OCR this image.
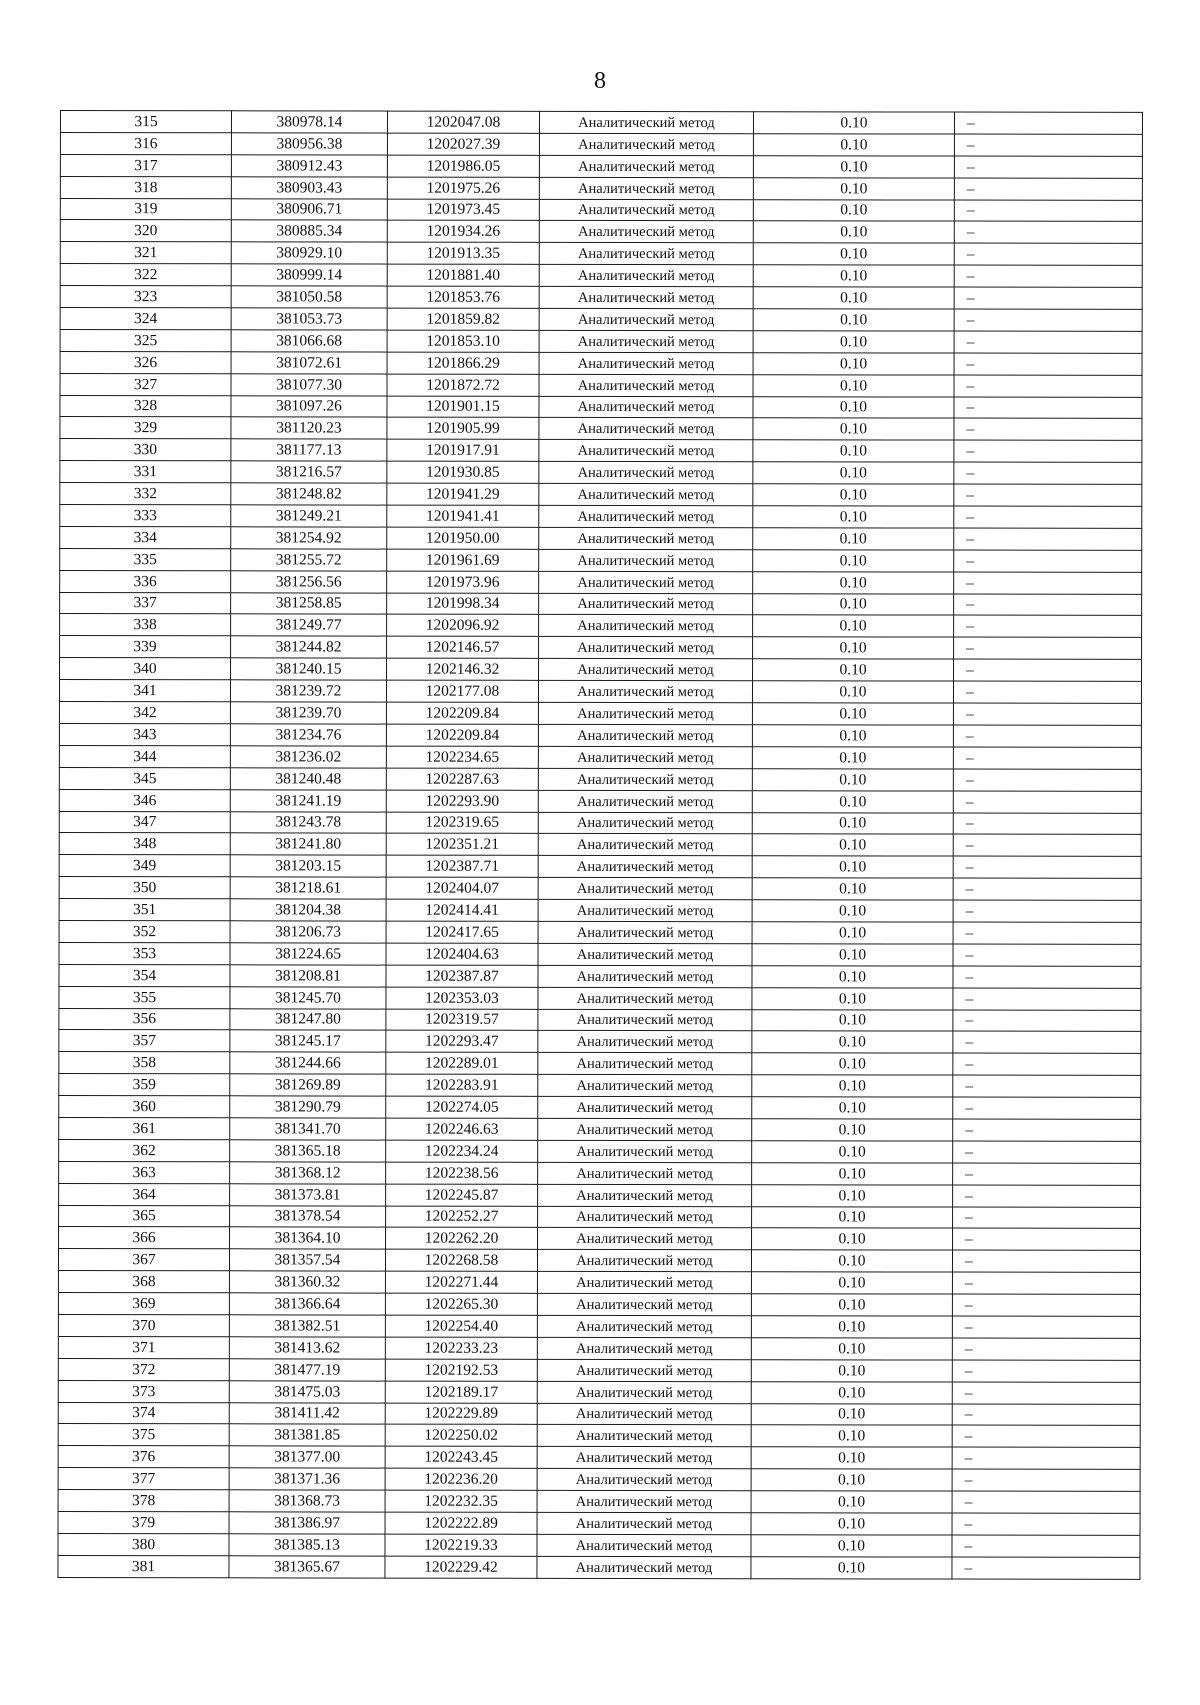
8
315	380978.14	1202047.08	Аналитический метод	0.10	–
316	380956.38	1202027.39	Аналитический метод	0.10	–
317	380912.43	1201986.05	Аналитический метод	0.10	–
318	380903.43	1201975.26	Аналитический метод	0.10	–
319	380906.71	1201973.45	Аналитический метод	0.10	–
320	380885.34	1201934.26	Аналитический метод	0.10	–
321	380929.10	1201913.35	Аналитический метод	0.10	–
322	380999.14	1201881.40	Аналитический метод	0.10	–
323	381050.58	1201853.76	Аналитический метод	0.10	–
324	381053.73	1201859.82	Аналитический метод	0.10	–
325	381066.68	1201853.10	Аналитический метод	0.10	–
326	381072.61	1201866.29	Аналитический метод	0.10	–
327	381077.30	1201872.72	Аналитический метод	0.10	–
328	381097.26	1201901.15	Аналитический метод	0.10	–
329	381120.23	1201905.99	Аналитический метод	0.10	–
330	381177.13	1201917.91	Аналитический метод	0.10	–
331	381216.57	1201930.85	Аналитический метод	0.10	–
332	381248.82	1201941.29	Аналитический метод	0.10	–
333	381249.21	1201941.41	Аналитический метод	0.10	–
334	381254.92	1201950.00	Аналитический метод	0.10	–
335	381255.72	1201961.69	Аналитический метод	0.10	–
336	381256.56	1201973.96	Аналитический метод	0.10	–
337	381258.85	1201998.34	Аналитический метод	0.10	–
338	381249.77	1202096.92	Аналитический метод	0.10	–
339	381244.82	1202146.57	Аналитический метод	0.10	–
340	381240.15	1202146.32	Аналитический метод	0.10	–
341	381239.72	1202177.08	Аналитический метод	0.10	–
342	381239.70	1202209.84	Аналитический метод	0.10	–
343	381234.76	1202209.84	Аналитический метод	0.10	–
344	381236.02	1202234.65	Аналитический метод	0.10	–
345	381240.48	1202287.63	Аналитический метод	0.10	–
346	381241.19	1202293.90	Аналитический метод	0.10	–
347	381243.78	1202319.65	Аналитический метод	0.10	–
348	381241.80	1202351.21	Аналитический метод	0.10	–
349	381203.15	1202387.71	Аналитический метод	0.10	–
350	381218.61	1202404.07	Аналитический метод	0.10	–
351	381204.38	1202414.41	Аналитический метод	0.10	–
352	381206.73	1202417.65	Аналитический метод	0.10	–
353	381224.65	1202404.63	Аналитический метод	0.10	–
354	381208.81	1202387.87	Аналитический метод	0.10	–
355	381245.70	1202353.03	Аналитический метод	0.10	–
356	381247.80	1202319.57	Аналитический метод	0.10	–
357	381245.17	1202293.47	Аналитический метод	0.10	–
358	381244.66	1202289.01	Аналитический метод	0.10	–
359	381269.89	1202283.91	Аналитический метод	0.10	–
360	381290.79	1202274.05	Аналитический метод	0.10	–
361	381341.70	1202246.63	Аналитический метод	0.10	–
362	381365.18	1202234.24	Аналитический метод	0.10	–
363	381368.12	1202238.56	Аналитический метод	0.10	–
364	381373.81	1202245.87	Аналитический метод	0.10	–
365	381378.54	1202252.27	Аналитический метод	0.10	–
366	381364.10	1202262.20	Аналитический метод	0.10	–
367	381357.54	1202268.58	Аналитический метод	0.10	–
368	381360.32	1202271.44	Аналитический метод	0.10	–
369	381366.64	1202265.30	Аналитический метод	0.10	–
370	381382.51	1202254.40	Аналитический метод	0.10	–
371	381413.62	1202233.23	Аналитический метод	0.10	–
372	381477.19	1202192.53	Аналитический метод	0.10	–
373	381475.03	1202189.17	Аналитический метод	0.10	–
374	381411.42	1202229.89	Аналитический метод	0.10	–
375	381381.85	1202250.02	Аналитический метод	0.10	–
376	381377.00	1202243.45	Аналитический метод	0.10	–
377	381371.36	1202236.20	Аналитический метод	0.10	–
378	381368.73	1202232.35	Аналитический метод	0.10	–
379	381386.97	1202222.89	Аналитический метод	0.10	–
380	381385.13	1202219.33	Аналитический метод	0.10	–
381	381365.67	1202229.42	Аналитический метод	0.10	–
